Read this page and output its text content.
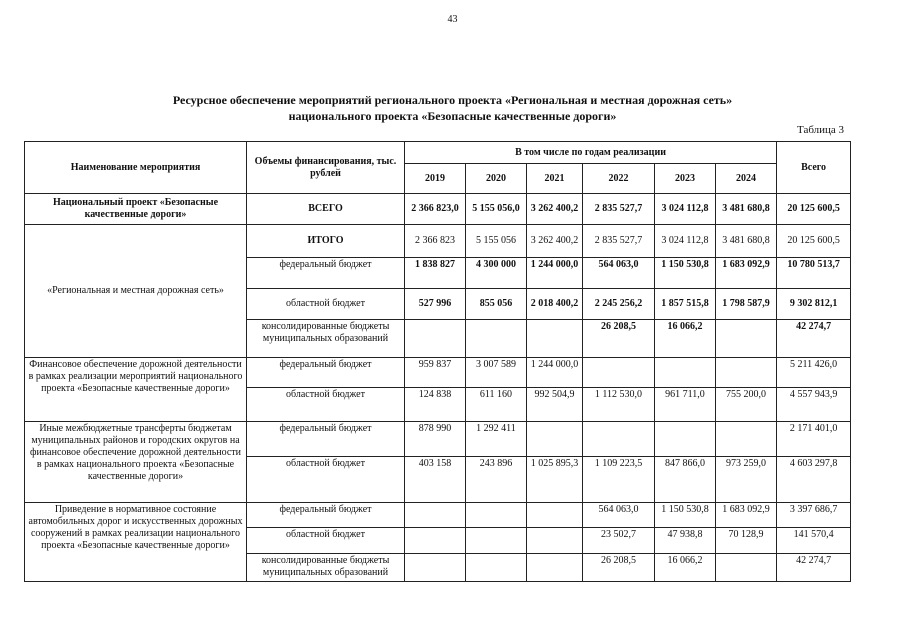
43
Ресурсное обеспечение мероприятий регионального проекта «Региональная и местная дорожная сеть»
национального проекта «Безопасные качественные дороги»
Таблица 3
Наименование мероприятия	Объемы финансирования, тыс. рублей	В том числе по годам реализации						Всего
		2019	2020	2021	2022	2023	2024	
Национальный проект «Безопасные качественные дороги»	ВСЕГО	2 366 823,0	5 155 056,0	3 262 400,2	2 835 527,7	3 024 112,8	3 481 680,8	20 125 600,5
«Региональная и местная дорожная сеть»	ИТОГО	2 366 823	5 155 056	3 262 400,2	2 835 527,7	3 024 112,8	3 481 680,8	20 125 600,5
	федеральный бюджет	1 838 827	4 300 000	1 244 000,0	564 063,0	1 150 530,8	1 683 092,9	10 780 513,7
	областной бюджет	527 996	855 056	2 018 400,2	2 245 256,2	1 857 515,8	1 798 587,9	9 302 812,1
	консолидированные бюджеты муниципальных образований				26 208,5	16 066,2		42 274,7
Финансовое обеспечение дорожной деятельности в рамках реализации мероприятий национального проекта «Безопасные качественные дороги»	федеральный бюджет	959 837	3 007 589	1 244 000,0				5 211 426,0
	областной бюджет	124 838	611 160	992 504,9	1 112 530,0	961 711,0	755 200,0	4 557 943,9
Иные межбюджетные трансферты бюджетам муниципальных районов и городских округов на финансовое обеспечение дорожной деятельности в рамках национального проекта «Безопасные качественные дороги»	федеральный бюджет	878 990	1 292 411					2 171 401,0
	областной бюджет	403 158	243 896	1 025 895,3	1 109 223,5	847 866,0	973 259,0	4 603 297,8
Приведение в нормативное состояние автомобильных дорог и искусственных дорожных сооружений в рамках реализации национального проекта «Безопасные качественные дороги»	федеральный бюджет				564 063,0	1 150 530,8	1 683 092,9	3 397 686,7
	областной бюджет				23 502,7	47 938,8	70 128,9	141 570,4
	консолидированные бюджеты муниципальных образований				26 208,5	16 066,2		42 274,7
